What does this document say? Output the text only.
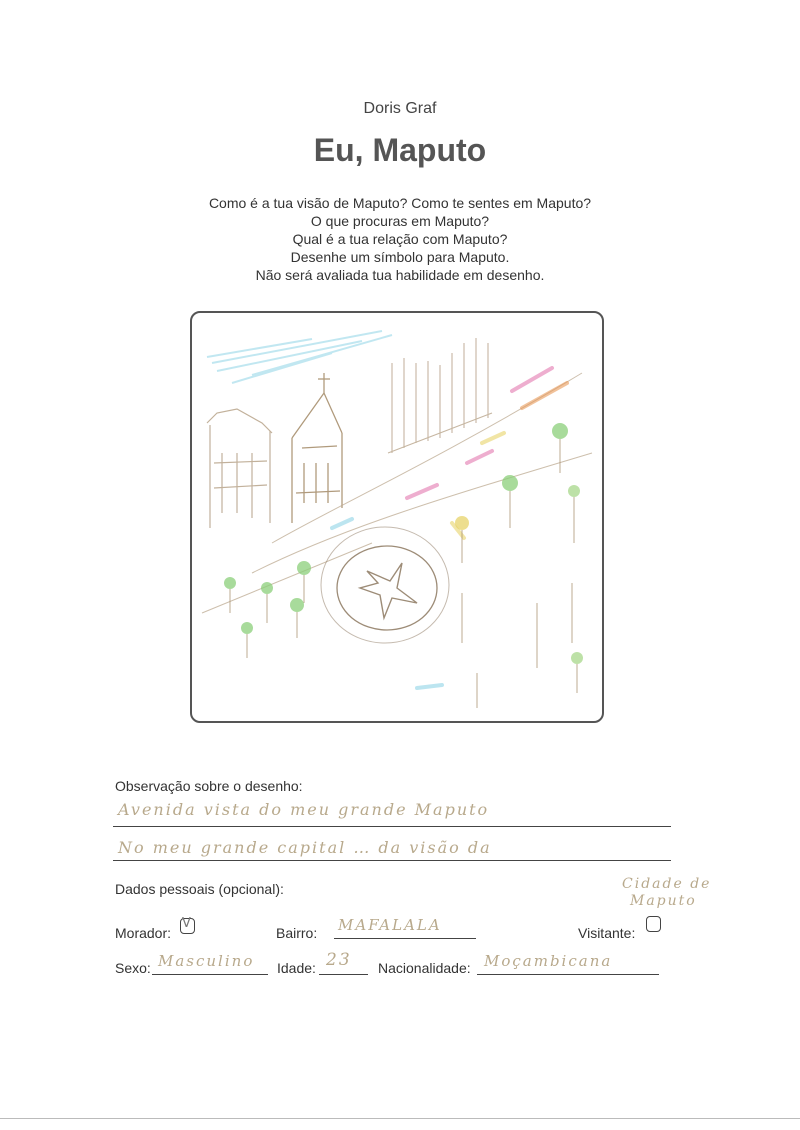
Doris Graf
Eu, Maputo
Como é a tua visão de Maputo? Como te sentes em Maputo?
O que procuras em Maputo?
Qual é a tua relação com Maputo?
Desenhe um símbolo para Maputo.
Não será avaliada tua habilidade em desenho.
Observação sobre o desenho:
Avenida vista do meu grande Maputo
No meu grande capital … da visão da
Cidade de
Maputo
Dados pessoais (opcional):
Morador:
V
Bairro: MAFALALA	Visitante:
Sexo: Masculino Idade: 23 Nacionalidade: Moçambicana
